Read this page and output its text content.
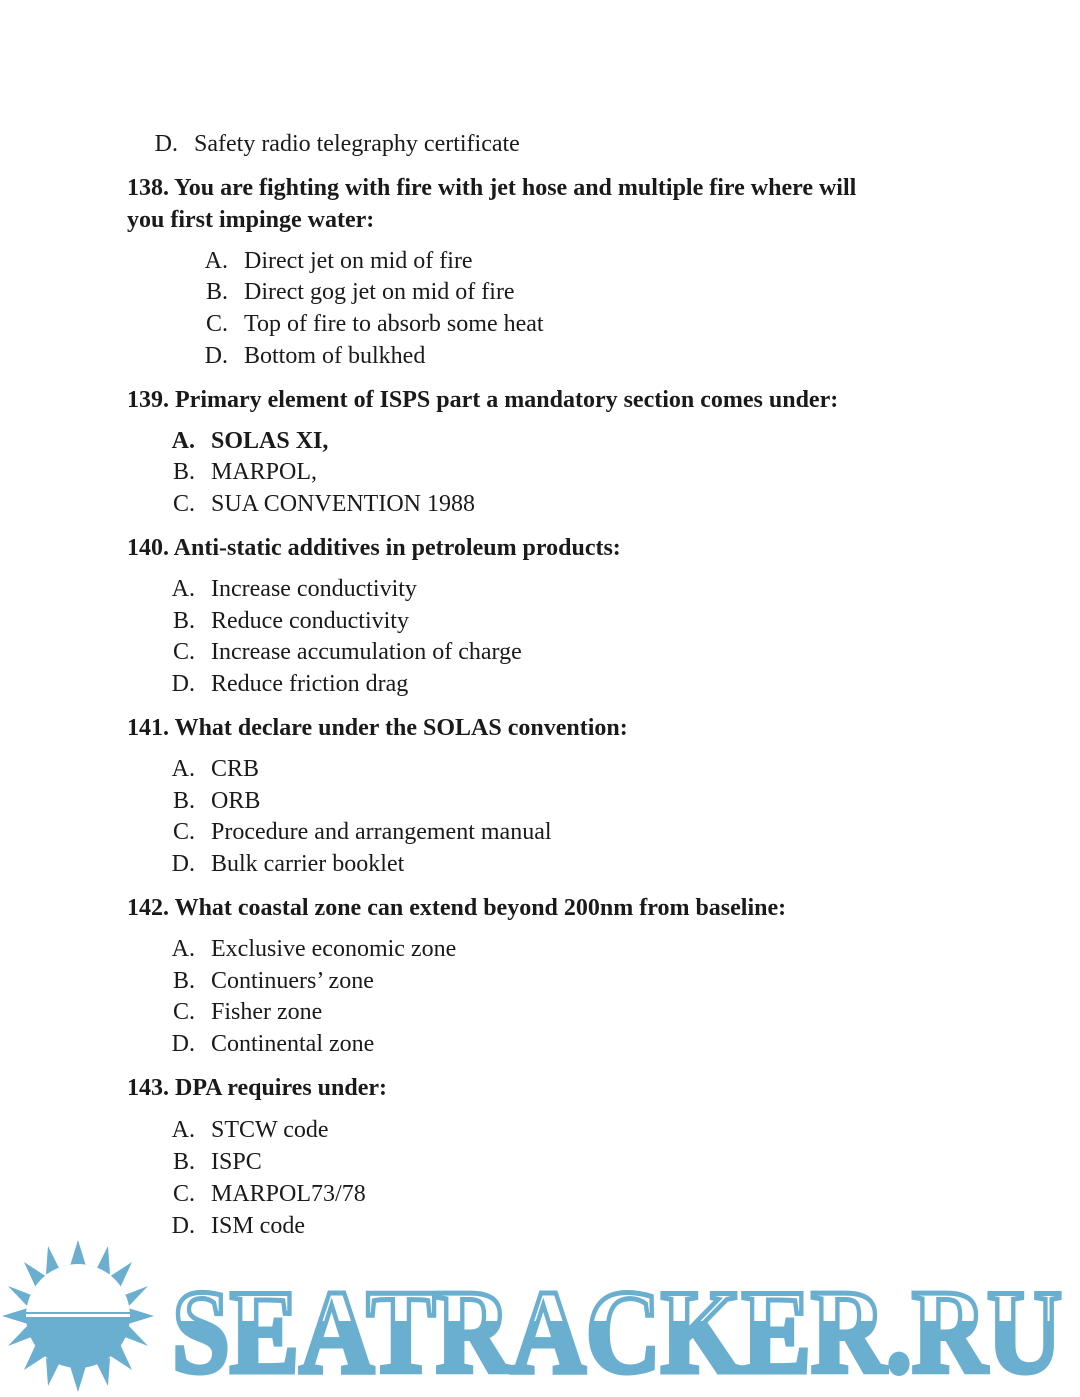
D. Safety radio telegraphy certificate
138. You are fighting with fire with jet hose and multiple fire where will
you first impinge water:
A. Direct jet on mid of fire
B. Direct gog jet on mid of fire
C. Top of fire to absorb some heat
D. Bottom of bulkhed
139. Primary element of ISPS part a mandatory section comes under:
A. SOLAS XI,
B. MARPOL,
C. SUA CONVENTION 1988
140. Anti-static additives in petroleum products:
A. Increase conductivity
B. Reduce conductivity
C. Increase accumulation of charge
D. Reduce friction drag
141. What declare under the SOLAS convention:
A. CRB
B. ORB
C. Procedure and arrangement manual
D. Bulk carrier booklet
142. What coastal zone can extend beyond 200nm from baseline:
A. Exclusive economic zone
B. Continuers’ zone
C. Fisher zone
D. Continental zone
143. DPA requires under:
A. STCW code
B. ISPC
C. MARPOL73/78
D. ISM code
SEATRACKER.RU
